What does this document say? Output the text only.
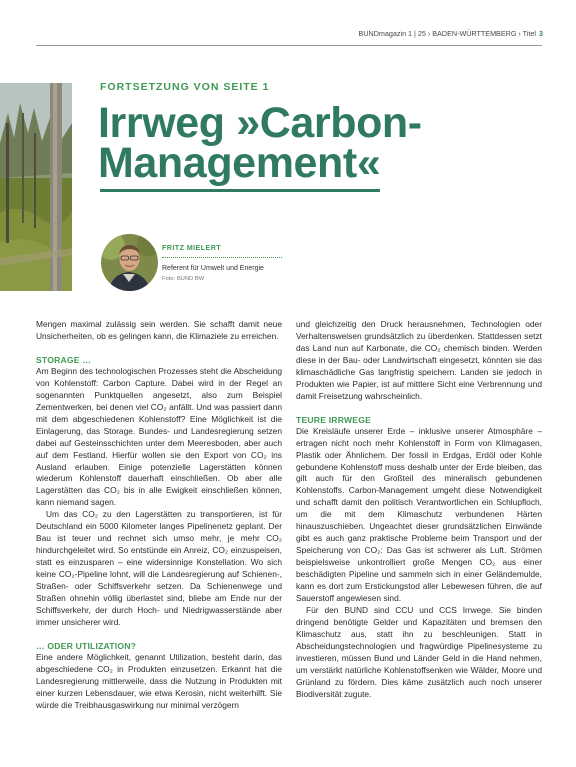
BUNDmagazin 1 | 25 › BADEN-WÜRTTEMBERG › Titel 3
FORTSETZUNG VON SEITE 1
Irrweg »Carbon-
Management«
FRITZ MIELERT
Referent für Umwelt und Energie
Foto: BUND BW

Mengen maximal zulässig sein werden. Sie schafft damit neue Unsicherheiten, ob es gelingen kann, die Klimaziele zu erreichen.

STORAGE …

Am Beginn des technologischen Prozesses steht die Abscheidung von Kohlenstoff: Carbon Capture. Dabei wird in der Regel an sogenannten Punktquellen angesetzt, also zum Beispiel Zementwerken, bei denen viel CO₂ anfällt. Und was passiert dann mit dem abgeschiedenen Kohlenstoff? Eine Möglichkeit ist die Einlagerung, das Storage. Bundes- und Landesregierung setzen dabei auf Gesteinsschichten unter dem Meeresboden, aber auch auf dem Festland. Hierfür wollen sie den Export von CO₂ ins Ausland erlauben. Einige potenzielle Lagerstätten können wiederum Kohlenstoff dauerhaft einschließen. Ob aber alle Lagerstätten das CO₂ bis in alle Ewigkeit einschließen können, kann niemand sagen.

Um das CO₂ zu den Lagerstätten zu transportieren, ist für Deutschland ein 5000 Kilometer langes Pipelinenetz geplant. Der Bau ist teuer und rechnet sich umso mehr, je mehr CO₂ hindurchgeleitet wird. So entstünde ein Anreiz, CO₂ einzuspeisen, statt es einzusparen – eine widersinnige Konstellation. Wo sich keine CO₂-Pipeline lohnt, will die Landesregierung auf Schienen-, Straßen- oder Schiffsverkehr setzen. Da Schienenwege und Straßen ohnehin völlig überlastet sind, bliebe am Ende nur der Schiffsverkehr, der durch Hoch- und Niedrigwasserstände aber immer unsicherer wird.

… ODER UTILIZATION?

Eine andere Möglichkeit, genannt Utilization, besteht darin, das abgeschiedene CO₂ in Produkten einzusetzen. Erkannt hat die Landesregierung mittlerweile, dass die Nutzung in Produkten mit einer kurzen Lebensdauer, wie etwa Kerosin, nicht weiterhilft. Sie würde die Treibhausgaswirkung nur minimal verzögern

und gleichzeitig den Druck herausnehmen, Technologien oder Verhaltensweisen grundsätzlich zu überdenken. Stattdessen setzt das Land nun auf Karbonate, die CO₂ chemisch binden. Werden diese in der Bau- oder Landwirtschaft eingesetzt, könnten sie das klimaschädliche Gas langfristig speichern. Landen sie jedoch in Produkten wie Papier, ist auf mittlere Sicht eine Verbrennung und damit Freisetzung wahrscheinlich.

TEURE IRRWEGE

Die Kreisläufe unserer Erde – inklusive unserer Atmosphäre – ertragen nicht noch mehr Kohlenstoff in Form von Klimagasen, Plastik oder Ähnlichem. Der fossil in Erdgas, Erdöl oder Kohle gebundene Kohlenstoff muss deshalb unter der Erde bleiben, das gilt auch für den Großteil des mineralisch gebundenen Kohlenstoffs. Carbon-Management umgeht diese Notwendigkeit und schafft damit den politisch Verantwortlichen ein Schlupfloch, um die mit dem Klimaschutz verbundenen Härten hinauszuschieben. Ungeachtet dieser grundsätzlichen Einwände gibt es auch ganz praktische Probleme beim Transport und der Speicherung von CO₂: Das Gas ist schwerer als Luft. Strömen beispielsweise unkontrolliert große Mengen CO₂ aus einer beschädigten Pipeline und sammeln sich in einer Geländemulde, kann es dort zum Erstickungstod aller Lebewesen führen, die auf Sauerstoff angewiesen sind.

Für den BUND sind CCU und CCS Irrwege. Sie binden dringend benötigte Gelder und Kapazitäten und bremsen den Klimaschutz aus, statt ihn zu beschleunigen. Statt in Abscheidungstechnologien und fragwürdige Pipelinesysteme zu investieren, müssen Bund und Länder Geld in die Hand nehmen, um verstärkt natürliche Kohlenstoffsenken wie Wälder, Moore und Grünland zu fördern. Dies käme zusätzlich auch noch unserer Biodiversität zugute.
